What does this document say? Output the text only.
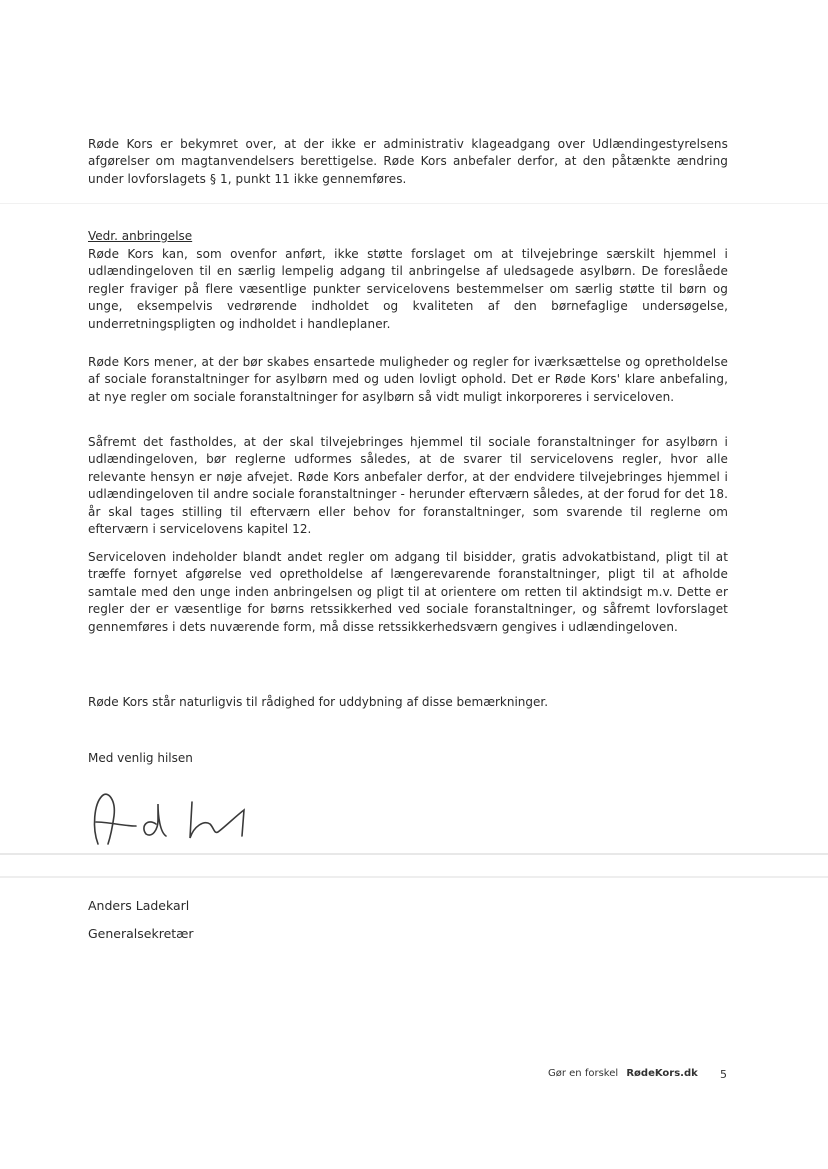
Røde Kors er bekymret over, at der ikke er administrativ klageadgang over Udlændingestyrelsens afgørelser om magtanvendelsers berettigelse. Røde Kors anbefaler derfor, at den påtænkte ændring under lovforslagets § 1, punkt 11 ikke gennemføres.

Vedr. anbringelse

Røde Kors kan, som ovenfor anført, ikke støtte forslaget om at tilvejebringe særskilt hjemmel i udlændingeloven til en særlig lempelig adgang til anbringelse af uledsagede asylbørn. De foreslåede regler fraviger på flere væsentlige punkter servicelovens bestemmelser om særlig støtte til børn og unge, eksempelvis vedrørende indholdet og kvaliteten af den børnefaglige undersøgelse, underretningspligten og indholdet i handleplaner.

Røde Kors mener, at der bør skabes ensartede muligheder og regler for iværksættelse og opretholdelse af sociale foranstaltninger for asylbørn med og uden lovligt ophold. Det er Røde Kors' klare anbefaling, at nye regler om sociale foranstaltninger for asylbørn så vidt muligt inkorporeres i serviceloven.

Såfremt det fastholdes, at der skal tilvejebringes hjemmel til sociale foranstaltninger for asylbørn i udlændingeloven, bør reglerne udformes således, at de svarer til servicelovens regler, hvor alle relevante hensyn er nøje afvejet. Røde Kors anbefaler derfor, at der endvidere tilvejebringes hjemmel i udlændingeloven til andre sociale foranstaltninger - herunder efterværn således, at der forud for det 18. år skal tages stilling til efterværn eller behov for foranstaltninger, som svarende til reglerne om efterværn i servicelovens kapitel 12.

Serviceloven indeholder blandt andet regler om adgang til bisidder, gratis advokatbistand, pligt til at træffe fornyet afgørelse ved opretholdelse af længerevarende foranstaltninger, pligt til at afholde samtale med den unge inden anbringelsen og pligt til at orientere om retten til aktindsigt m.v. Dette er regler der er væsentlige for børns retssikkerhed ved sociale foranstaltninger, og såfremt lovforslaget gennemføres i dets nuværende form, må disse retssikkerhedsværn gengives i udlændingeloven.

Røde Kors står naturligvis til rådighed for uddybning af disse bemærkninger.
Med venlig hilsen
Anders Ladekarl
Generalsekretær
Gør en forskel RødeKors.dk 5
